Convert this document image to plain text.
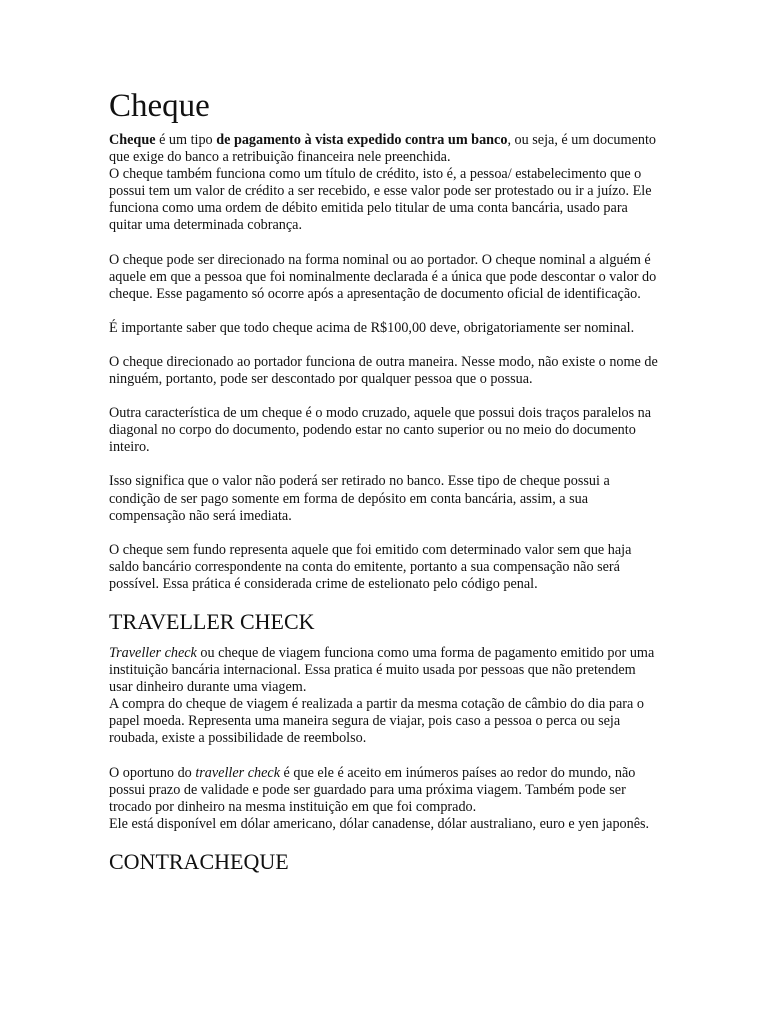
Cheque

Cheque é um tipo de pagamento à vista expedido contra um banco, ou seja, é um documento que exige do banco a retribuição financeira nele preenchida.
O cheque também funciona como um título de crédito, isto é, a pessoa/ estabelecimento que o possui tem um valor de crédito a ser recebido, e esse valor pode ser protestado ou ir a juízo. Ele funciona como uma ordem de débito emitida pelo titular de uma conta bancária, usado para quitar uma determinada cobrança.

O cheque pode ser direcionado na forma nominal ou ao portador. O cheque nominal a alguém é aquele em que a pessoa que foi nominalmente declarada é a única que pode descontar o valor do cheque. Esse pagamento só ocorre após a apresentação de documento oficial de identificação.

É importante saber que todo cheque acima de R$100,00 deve, obrigatoriamente ser nominal.

O cheque direcionado ao portador funciona de outra maneira. Nesse modo, não existe o nome de ninguém, portanto, pode ser descontado por qualquer pessoa que o possua.

Outra característica de um cheque é o modo cruzado, aquele que possui dois traços paralelos na diagonal no corpo do documento, podendo estar no canto superior ou no meio do documento inteiro.

Isso significa que o valor não poderá ser retirado no banco. Esse tipo de cheque possui a condição de ser pago somente em forma de depósito em conta bancária, assim, a sua compensação não será imediata.

O cheque sem fundo representa aquele que foi emitido com determinado valor sem que haja saldo bancário correspondente na conta do emitente, portanto a sua compensação não será possível. Essa prática é considerada crime de estelionato pelo código penal.

TRAVELLER CHECK

Traveller check ou cheque de viagem funciona como uma forma de pagamento emitido por uma instituição bancária internacional. Essa pratica é muito usada por pessoas que não pretendem usar dinheiro durante uma viagem.
A compra do cheque de viagem é realizada a partir da mesma cotação de câmbio do dia para o papel moeda. Representa uma maneira segura de viajar, pois caso a pessoa o perca ou seja roubada, existe a possibilidade de reembolso.

O oportuno do traveller check é que ele é aceito em inúmeros países ao redor do mundo, não possui prazo de validade e pode ser guardado para uma próxima viagem. Também pode ser trocado por dinheiro na mesma instituição em que foi comprado.
Ele está disponível em dólar americano, dólar canadense, dólar australiano, euro e yen japonês.

CONTRACHEQUE
